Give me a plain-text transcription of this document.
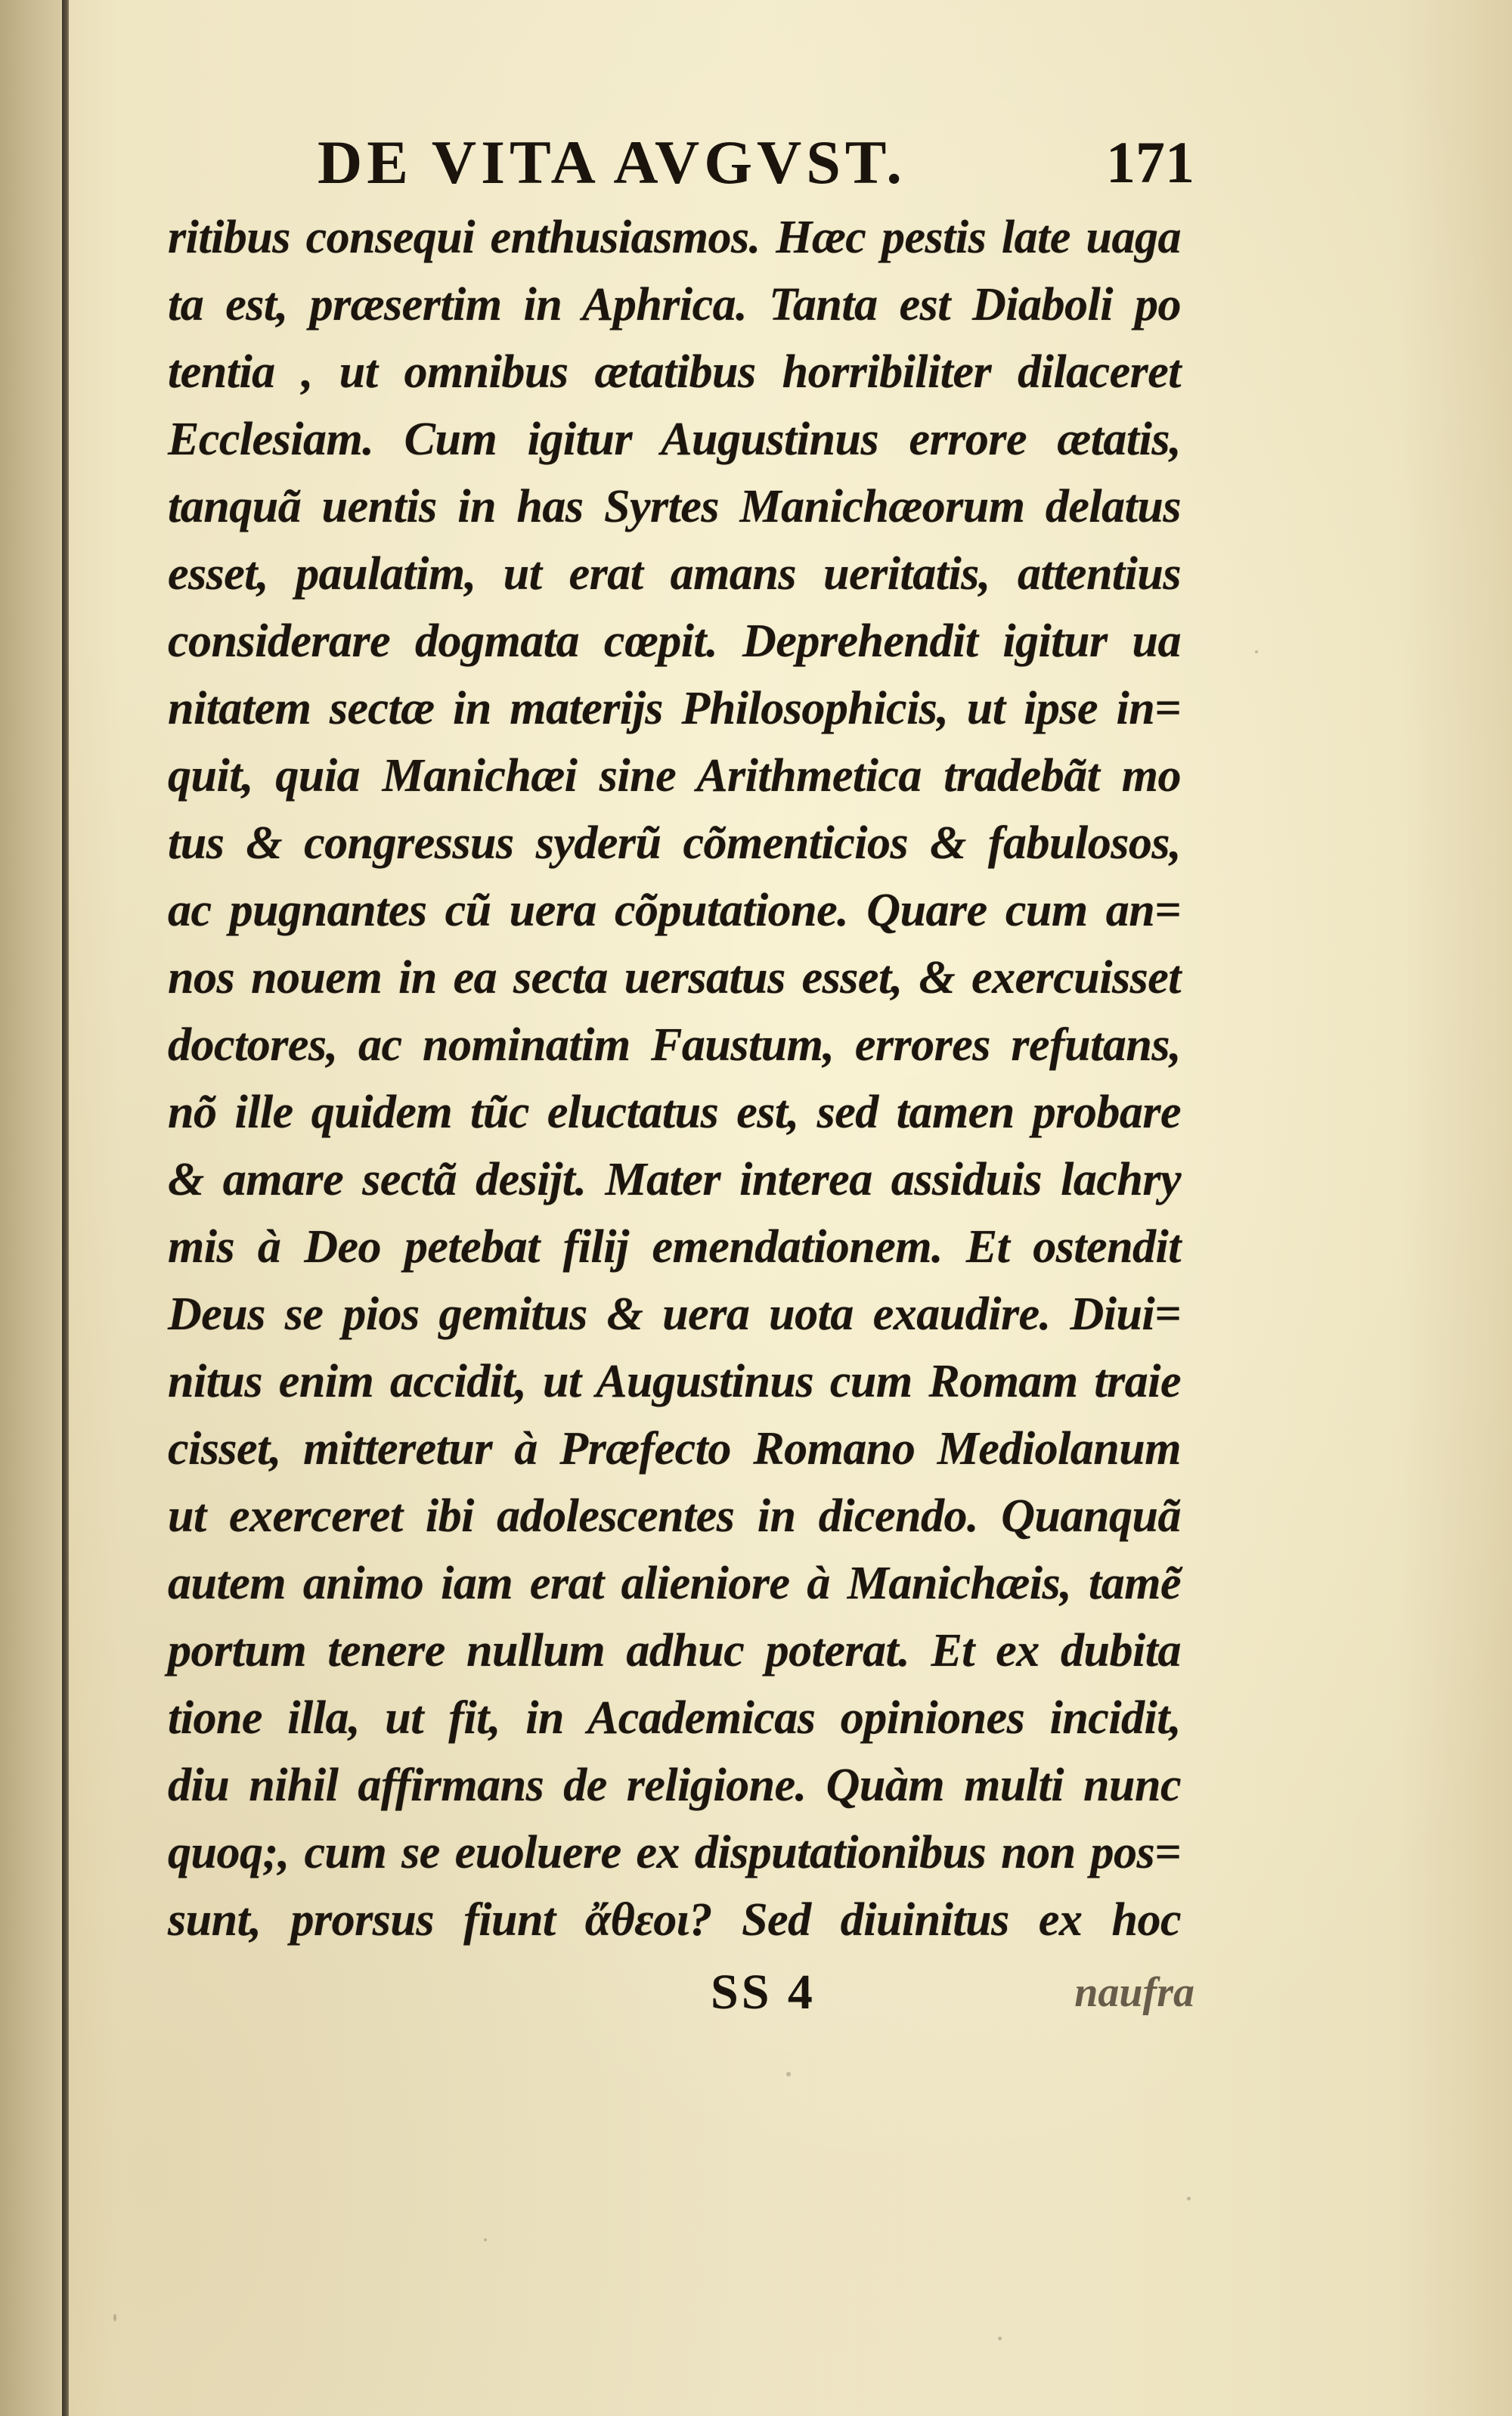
DE VITA AVGVST.	171
ritibus consequi enthusiasmos. Hæc pestis late uaga
ta est, præsertim in Aphrica. Tanta est Diaboli po
tentia , ut omnibus ætatibus horribiliter dilaceret
Ecclesiam. Cum igitur Augustinus errore ætatis,
tanquã uentis in has Syrtes Manichæorum delatus
esset, paulatim, ut erat amans ueritatis, attentius
considerare dogmata cœpit. Deprehendit igitur ua
nitatem sectæ in materijs Philosophicis, ut ipse in=
quit, quia Manichæi sine Arithmetica tradebãt mo
tus & congressus syderũ cõmenticios & fabulosos,
ac pugnantes cũ uera cõputatione. Quare cum an=
nos nouem in ea secta uersatus esset, & exercuisset
doctores, ac nominatim Faustum, errores refutans,
nõ ille quidem tũc eluctatus est, sed tamen probare
& amare sectã desijt. Mater interea assiduis lachry
mis à Deo petebat filij emendationem. Et ostendit
Deus se pios gemitus & uera uota exaudire. Diui=
nitus enim accidit, ut Augustinus cum Romam traie
cisset, mitteretur à Præfecto Romano Mediolanum
ut exerceret ibi adolescentes in dicendo. Quanquã
autem animo iam erat alieniore à Manichæis, tamẽ
portum tenere nullum adhuc poterat. Et ex dubita
tione illa, ut fit, in Academicas opiniones incidit,
diu nihil affirmans de religione. Quàm multi nunc
quoq;, cum se euoluere ex disputationibus non pos=
sunt, prorsus fiunt ἄθεοι? Sed diuinitus ex hoc
SS 4	naufra
